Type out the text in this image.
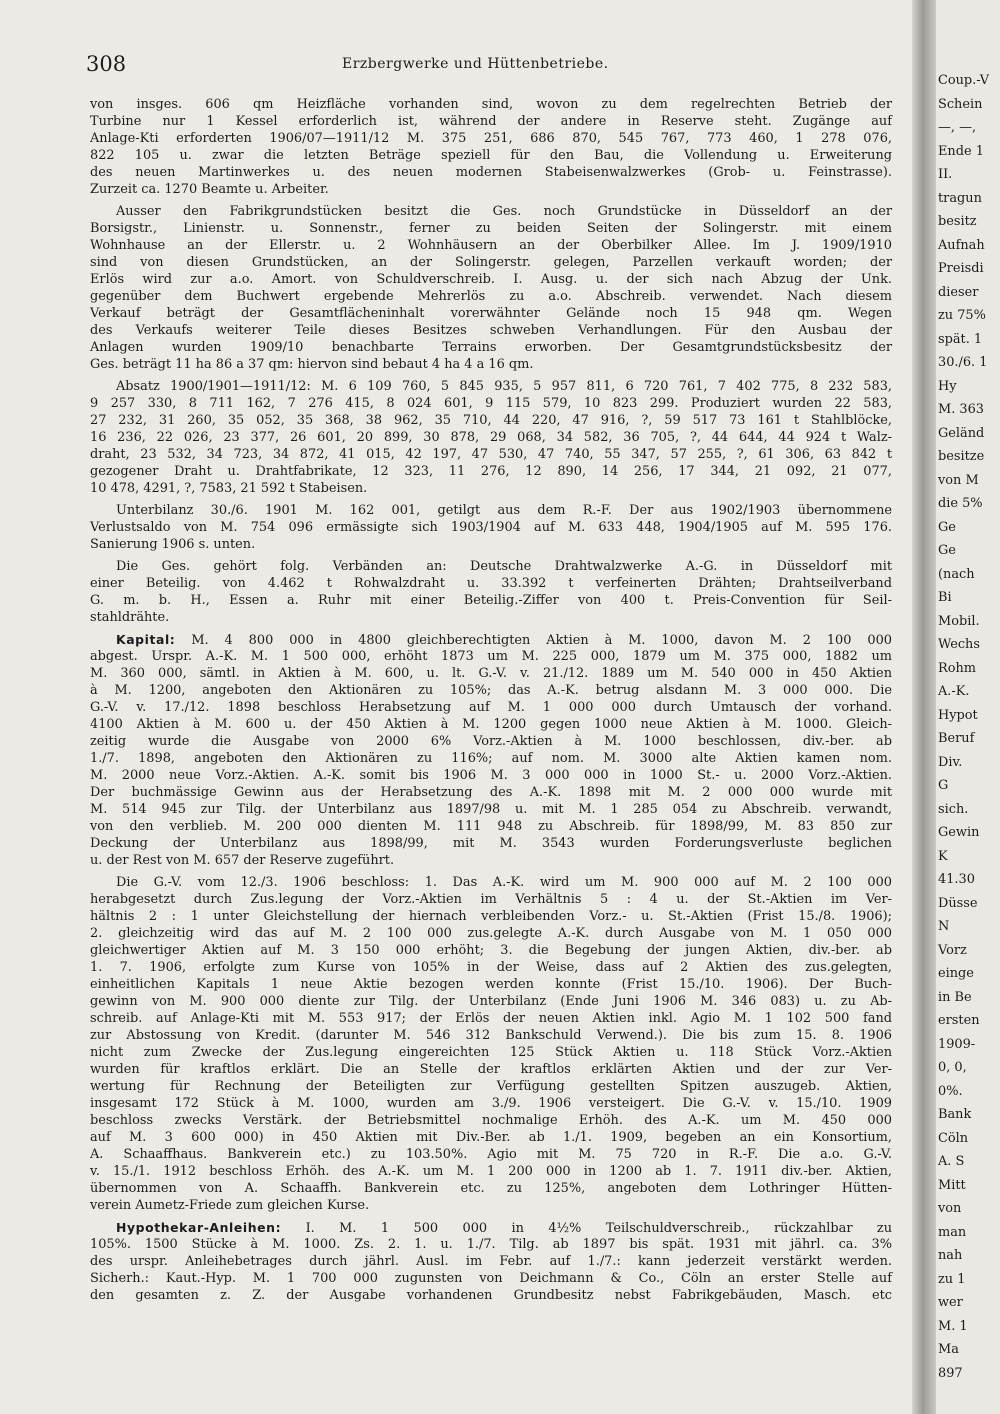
308	Erzbergwerke und Hüttenbetriebe.
von insges. 606 qm Heizfläche vorhanden sind, wovon zu dem regelrechten Betrieb der
Turbine nur 1 Kessel erforderlich ist, während der andere in Reserve steht. Zugänge auf
Anlage-Kti erforderten 1906/07—1911/12 M. 375 251, 686 870, 545 767, 773 460, 1 278 076,
822 105 u. zwar die letzten Beträge speziell für den Bau, die Vollendung u. Erweiterung
des neuen Martinwerkes u. des neuen modernen Stabeisenwalzwerkes (Grob- u. Feinstrasse).
Zurzeit ca. 1270 Beamte u. Arbeiter.
Ausser den Fabrikgrundstücken besitzt die Ges. noch Grundstücke in Düsseldorf an der
Borsigstr., Linienstr. u. Sonnenstr., ferner zu beiden Seiten der Solingerstr. mit einem
Wohnhause an der Ellerstr. u. 2 Wohnhäusern an der Oberbilker Allee. Im J. 1909/1910
sind von diesen Grundstücken, an der Solingerstr. gelegen, Parzellen verkauft worden; der
Erlös wird zur a.o. Amort. von Schuldverschreib. I. Ausg. u. der sich nach Abzug der Unk.
gegenüber dem Buchwert ergebende Mehrerlös zu a.o. Abschreib. verwendet. Nach diesem
Verkauf beträgt der Gesamtflächeninhalt vorerwähnter Gelände noch 15 948 qm. Wegen
des Verkaufs weiterer Teile dieses Besitzes schweben Verhandlungen. Für den Ausbau der
Anlagen wurden 1909/10 benachbarte Terrains erworben. Der Gesamtgrundstücksbesitz der
Ges. beträgt 11 ha 86 a 37 qm: hiervon sind bebaut 4 ha 4 a 16 qm.
Absatz 1900/1901—1911/12: M. 6 109 760, 5 845 935, 5 957 811, 6 720 761, 7 402 775, 8 232 583,
9 257 330, 8 711 162, 7 276 415, 8 024 601, 9 115 579, 10 823 299. Produziert wurden 22 583,
27 232, 31 260, 35 052, 35 368, 38 962, 35 710, 44 220, 47 916, ?, 59 517 73 161 t Stahlblöcke,
16 236, 22 026, 23 377, 26 601, 20 899, 30 878, 29 068, 34 582, 36 705, ?, 44 644, 44 924 t Walz-
draht, 23 532, 34 723, 34 872, 41 015, 42 197, 47 530, 47 740, 55 347, 57 255, ?, 61 306, 63 842 t
gezogener Draht u. Drahtfabrikate, 12 323, 11 276, 12 890, 14 256, 17 344, 21 092, 21 077,
10 478, 4291, ?, 7583, 21 592 t Stabeisen.
Unterbilanz 30./6. 1901 M. 162 001, getilgt aus dem R.-F. Der aus 1902/1903 übernommene
Verlustsaldo von M. 754 096 ermässigte sich 1903/1904 auf M. 633 448, 1904/1905 auf M. 595 176.
Sanierung 1906 s. unten.
Die Ges. gehört folg. Verbänden an: Deutsche Drahtwalzwerke A.-G. in Düsseldorf mit
einer Beteilig. von 4.462 t Rohwalzdraht u. 33.392 t verfeinerten Drähten; Drahtseilverband
G. m. b. H., Essen a. Ruhr mit einer Beteilig.-Ziffer von 400 t. Preis-Convention für Seil-
stahldrähte.
Kapital: M. 4 800 000 in 4800 gleichberechtigten Aktien à M. 1000, davon M. 2 100 000
abgest. Urspr. A.-K. M. 1 500 000, erhöht 1873 um M. 225 000, 1879 um M. 375 000, 1882 um
M. 360 000, sämtl. in Aktien à M. 600, u. lt. G.-V. v. 21./12. 1889 um M. 540 000 in 450 Aktien
à M. 1200, angeboten den Aktionären zu 105%; das A.-K. betrug alsdann M. 3 000 000. Die
G.-V. v. 17./12. 1898 beschloss Herabsetzung auf M. 1 000 000 durch Umtausch der vorhand.
4100 Aktien à M. 600 u. der 450 Aktien à M. 1200 gegen 1000 neue Aktien à M. 1000. Gleich-
zeitig wurde die Ausgabe von 2000 6% Vorz.-Aktien à M. 1000 beschlossen, div.-ber. ab
1./7. 1898, angeboten den Aktionären zu 116%; auf nom. M. 3000 alte Aktien kamen nom.
M. 2000 neue Vorz.-Aktien. A.-K. somit bis 1906 M. 3 000 000 in 1000 St.- u. 2000 Vorz.-Aktien.
Der buchmässige Gewinn aus der Herabsetzung des A.-K. 1898 mit M. 2 000 000 wurde mit
M. 514 945 zur Tilg. der Unterbilanz aus 1897/98 u. mit M. 1 285 054 zu Abschreib. verwandt,
von den verblieb. M. 200 000 dienten M. 111 948 zu Abschreib. für 1898/99, M. 83 850 zur
Deckung der Unterbilanz aus 1898/99, mit M. 3543 wurden Forderungsverluste beglichen
u. der Rest von M. 657 der Reserve zugeführt.
Die G.-V. vom 12./3. 1906 beschloss: 1. Das A.-K. wird um M. 900 000 auf M. 2 100 000
herabgesetzt durch Zus.legung der Vorz.-Aktien im Verhältnis 5 : 4 u. der St.-Aktien im Ver-
hältnis 2 : 1 unter Gleichstellung der hiernach verbleibenden Vorz.- u. St.-Aktien (Frist 15./8. 1906);
2. gleichzeitig wird das auf M. 2 100 000 zus.gelegte A.-K. durch Ausgabe von M. 1 050 000
gleichwertiger Aktien auf M. 3 150 000 erhöht; 3. die Begebung der jungen Aktien, div.-ber. ab
1. 7. 1906, erfolgte zum Kurse von 105% in der Weise, dass auf 2 Aktien des zus.gelegten,
einheitlichen Kapitals 1 neue Aktie bezogen werden konnte (Frist 15./10. 1906). Der Buch-
gewinn von M. 900 000 diente zur Tilg. der Unterbilanz (Ende Juni 1906 M. 346 083) u. zu Ab-
schreib. auf Anlage-Kti mit M. 553 917; der Erlös der neuen Aktien inkl. Agio M. 1 102 500 fand
zur Abstossung von Kredit. (darunter M. 546 312 Bankschuld Verwend.). Die bis zum 15. 8. 1906
nicht zum Zwecke der Zus.legung eingereichten 125 Stück Aktien u. 118 Stück Vorz.-Aktien
wurden für kraftlos erklärt. Die an Stelle der kraftlos erklärten Aktien und der zur Ver-
wertung für Rechnung der Beteiligten zur Verfügung gestellten Spitzen auszugeb. Aktien,
insgesamt 172 Stück à M. 1000, wurden am 3./9. 1906 versteigert. Die G.-V. v. 15./10. 1909
beschloss zwecks Verstärk. der Betriebsmittel nochmalige Erhöh. des A.-K. um M. 450 000
auf M. 3 600 000) in 450 Aktien mit Div.-Ber. ab 1./1. 1909, begeben an ein Konsortium,
A. Schaaffhaus. Bankverein etc.) zu 103.50%. Agio mit M. 75 720 in R.-F. Die a.o. G.-V.
v. 15./1. 1912 beschloss Erhöh. des A.-K. um M. 1 200 000 in 1200 ab 1. 7. 1911 div.-ber. Aktien,
übernommen von A. Schaaffh. Bankverein etc. zu 125%, angeboten dem Lothringer Hütten-
verein Aumetz-Friede zum gleichen Kurse.
Hypothekar-Anleihen: I. M. 1 500 000 in 4½% Teilschuldverschreib., rückzahlbar zu
105%. 1500 Stücke à M. 1000. Zs. 2. 1. u. 1./7. Tilg. ab 1897 bis spät. 1931 mit jährl. ca. 3%
des urspr. Anleihebetrages durch jährl. Ausl. im Febr. auf 1./7.: kann jederzeit verstärkt werden.
Sicherh.: Kaut.-Hyp. M. 1 700 000 zugunsten von Deichmann & Co., Cöln an erster Stelle auf
den gesamten z. Z. der Ausgabe vorhandenen Grundbesitz nebst Fabrikgebäuden, Masch. etc
Coup.-V
Schein
—, —,
Ende 1
II.
tragun
besitz
Aufnah
Preisdi
dieser
zu 75%
spät. 1
30./6. 1
Hy
M. 363
Geländ
besitze
von M
die 5%
Ge
Ge
(nach
Bi
Mobil.
Wechs
Rohm
A.-K.
Hypot
Beruf
Div.
G
sich.
Gewin
K
41.30
Düsse
N
Vorz
einge
in Be
ersten
1909-
0, 0,
0%.
Bank
Cöln
A. S
Mitt
von
man
nah
zu 1
wer
M. 1
Ma
897
